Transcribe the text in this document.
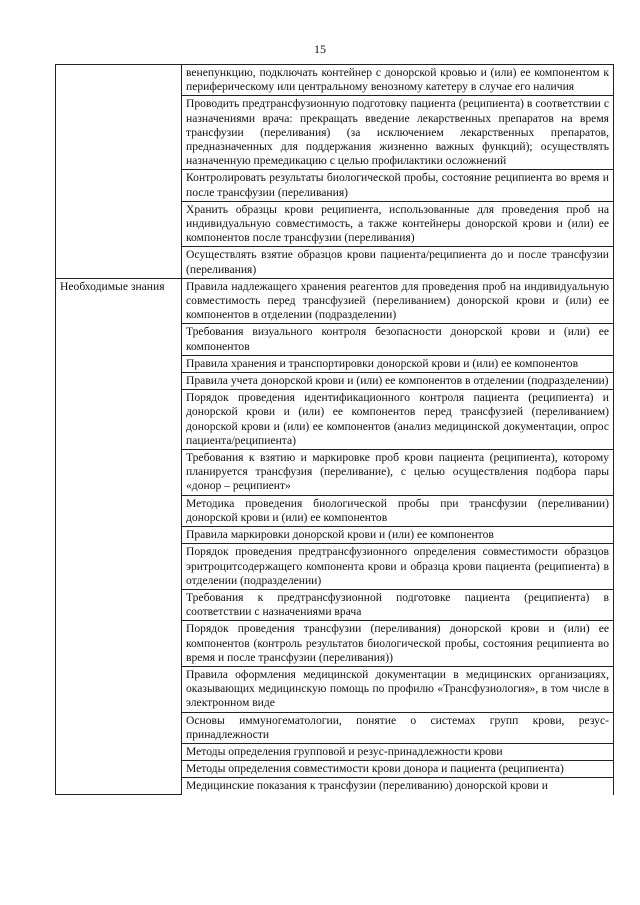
15
	венепункцию, подключать контейнер с донорской кровью и (или) ее компонентом к периферическому или центральному венозному катетеру в случае его наличия
	Проводить предтрансфузионную подготовку пациента (реципиента) в соответствии с назначениями врача: прекращать введение лекарственных препаратов на время трансфузии (переливания) (за исключением лекарственных препаратов, предназначенных для поддержания жизненно важных функций); осуществлять назначенную премедикацию с целью профилактики осложнений
	Контролировать результаты биологической пробы, состояние реципиента во время и после трансфузии (переливания)
	Хранить образцы крови реципиента, использованные для проведения проб на индивидуальную совместимость, а также контейнеры донорской крови и (или) ее компонентов после трансфузии (переливания)
	Осуществлять взятие образцов крови пациента/реципиента до и после трансфузии (переливания)
Необходимые знания	Правила надлежащего хранения реагентов для проведения проб на индивидуальную совместимость перед трансфузией (переливанием) донорской крови и (или) ее компонентов в отделении (подразделении)
	Требования визуального контроля безопасности донорской крови и (или) ее компонентов
	Правила хранения и транспортировки донорской крови и (или) ее компонентов
	Правила учета донорской крови и (или) ее компонентов в отделении (подразделении)
	Порядок проведения идентификационного контроля пациента (реципиента) и донорской крови и (или) ее компонентов перед трансфузией (переливанием) донорской крови и (или) ее компонентов (анализ медицинской документации, опрос пациента/реципиента)
	Требования к взятию и маркировке проб крови пациента (реципиента), которому планируется трансфузия (переливание), с целью осуществления подбора пары «донор – реципиент»
	Методика проведения биологической пробы при трансфузии (переливании) донорской крови и (или) ее компонентов
	Правила маркировки донорской крови и (или) ее компонентов
	Порядок проведения предтрансфузионного определения совместимости образцов эритроцитсодержащего компонента крови и образца крови пациента (реципиента) в отделении (подразделении)
	Требования к предтрансфузионной подготовке пациента (реципиента) в соответствии с назначениями врача
	Порядок проведения трансфузии (переливания) донорской крови и (или) ее компонентов (контроль результатов биологической пробы, состояния реципиента во время и после трансфузии (переливания))
	Правила оформления медицинской документации в медицинских организациях, оказывающих медицинскую помощь по профилю «Трансфузиология», в том числе в электронном виде
	Основы иммуногематологии, понятие о системах групп крови, резус-принадлежности
	Методы определения групповой и резус-принадлежности крови
	Методы определения совместимости крови донора и пациента (реципиента)
	Медицинские показания к трансфузии (переливанию) донорской крови и
